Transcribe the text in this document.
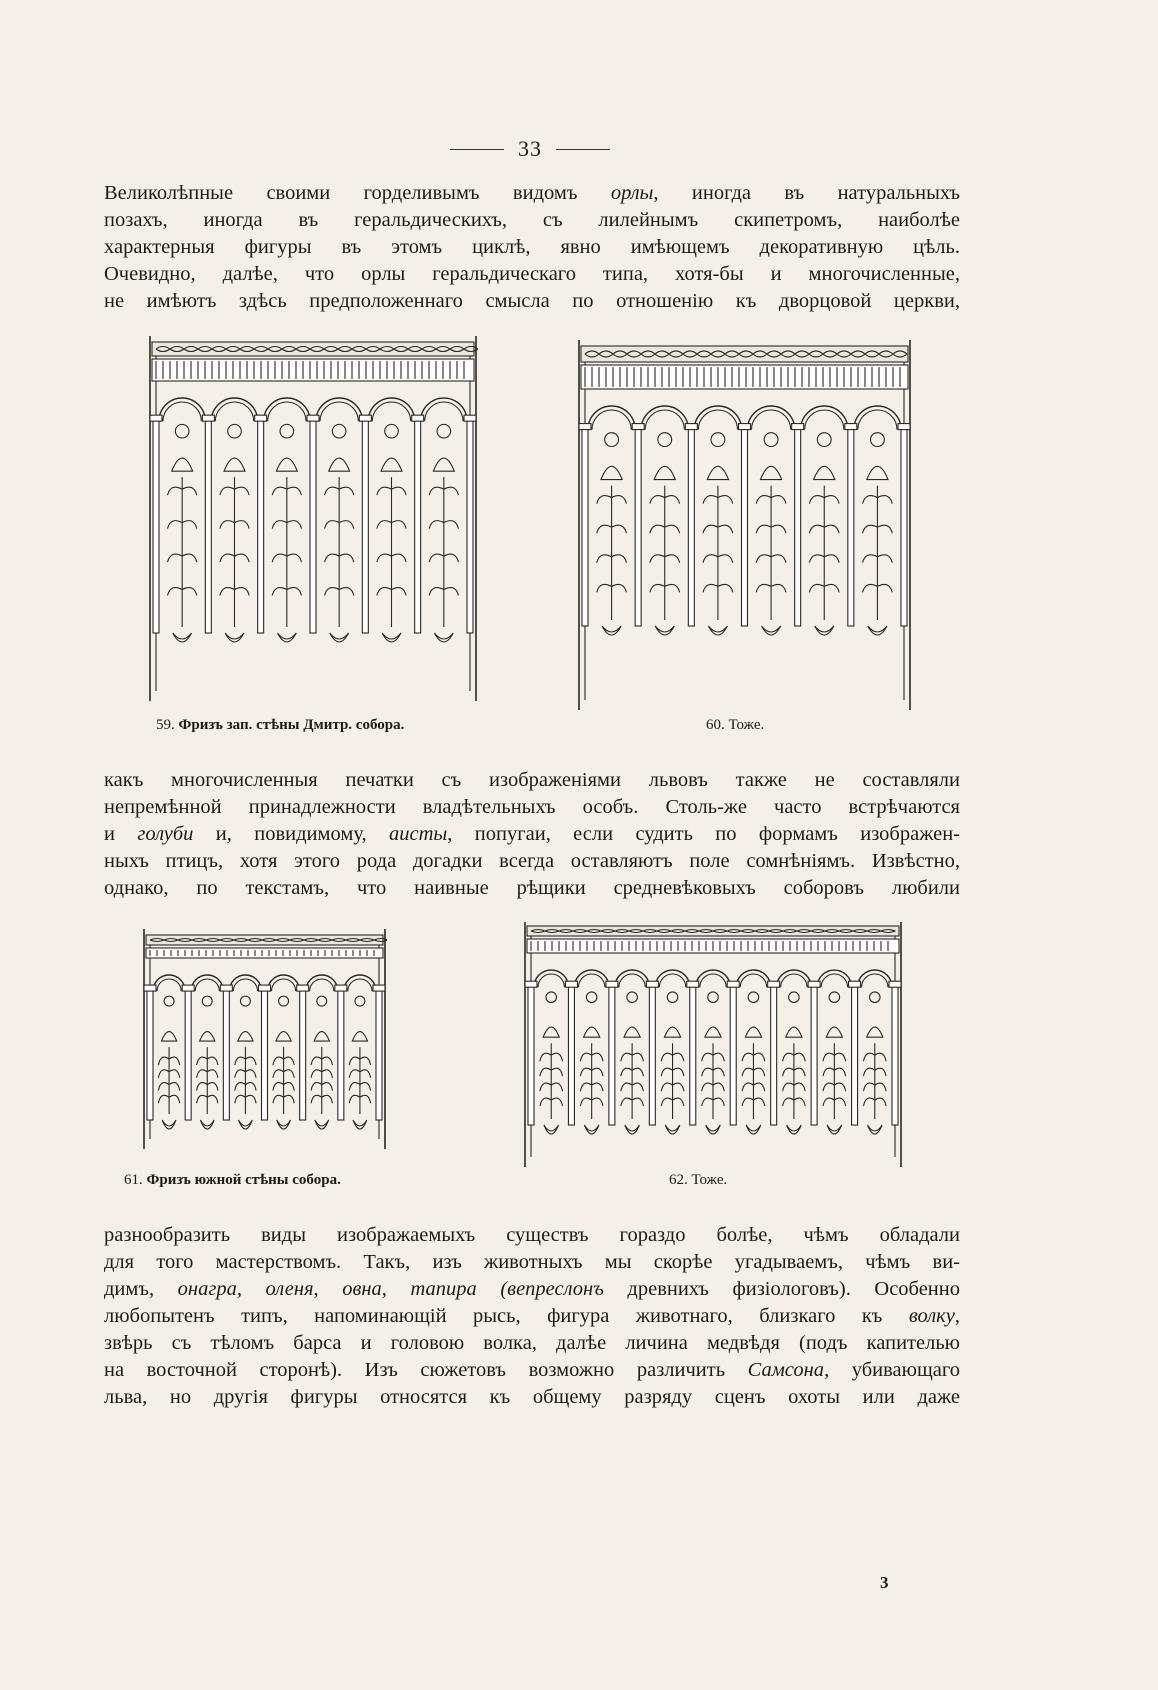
33
Великолѣпные своими горделивымъ видомъ орлы, иногда въ натуральныхъ
позахъ, иногда въ геральдическихъ, съ лилейнымъ скипетромъ, наиболѣе
характерныя фигуры въ этомъ циклѣ, явно имѣющемъ декоративную цѣль.
Очевидно, далѣе, что орлы геральдическаго типа, хотя-бы и многочисленные,
не имѣютъ здѣсь предположеннаго смысла по отношенію къ дворцовой церкви,
59. Фризъ зап. стѣны Дмитр. собора.	60. Тоже.
какъ многочисленныя печатки съ изображеніями львовъ также не составляли
непремѣнной принадлежности владѣтельныхъ особъ. Столь-же часто встрѣчаются
и голуби и, повидимому, аисты, попугаи, если судить по формамъ изображен-
ныхъ птицъ, хотя этого рода догадки всегда оставляютъ поле сомнѣніямъ. Извѣстно,
однако, по текстамъ, что наивные рѣщики средневѣковыхъ соборовъ любили
61. Фризъ южной стѣны собора.	62. Тоже.
разнообразить виды изображаемыхъ существъ гораздо болѣе, чѣмъ обладали
для того мастерствомъ. Такъ, изъ животныхъ мы скорѣе угадываемъ, чѣмъ ви-
димъ, онагра, оленя, овна, тапира (вепреслонъ древнихъ физіологовъ). Особенно
любопытенъ типъ, напоминающій рысь, фигура животнаго, близкаго къ волку,
звѣрь съ тѣломъ барса и головою волка, далѣе личина медвѣдя (подъ капителью
на восточной сторонѣ). Изъ сюжетовъ возможно различить Самсона, убивающаго
льва, но другія фигуры относятся къ общему разряду сценъ охоты или даже
3
